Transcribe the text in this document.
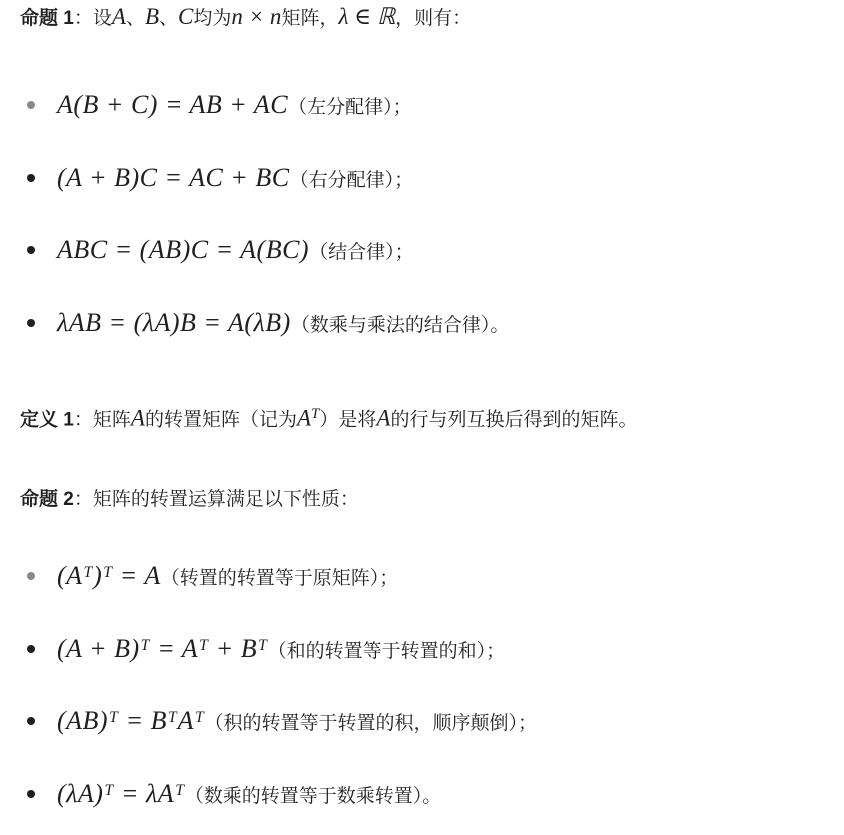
命题 1：设A、B、C均为n × n矩阵，λ ∈ ℝ，则有：
A(B + C) = AB + AC（左分配律）；
(A + B)C = AC + BC（右分配律）；
ABC = (AB)C = A(BC)（结合律）；
λAB = (λA)B = A(λB)（数乘与乘法的结合律）。
定义 1：矩阵A的转置矩阵（记为$A^T$）是将A的行与列互换后得到的矩阵。
命题 2：矩阵的转置运算满足以下性质：
(Aᵀ)ᵀ = A（转置的转置等于原矩阵）；
(A + B)ᵀ = Aᵀ + Bᵀ（和的转置等于转置的和）；
(AB)ᵀ = BᵀAᵀ（积的转置等于转置的积，顺序颠倒）；
(λA)ᵀ = λAᵀ（数乘的转置等于数乘转置）。
